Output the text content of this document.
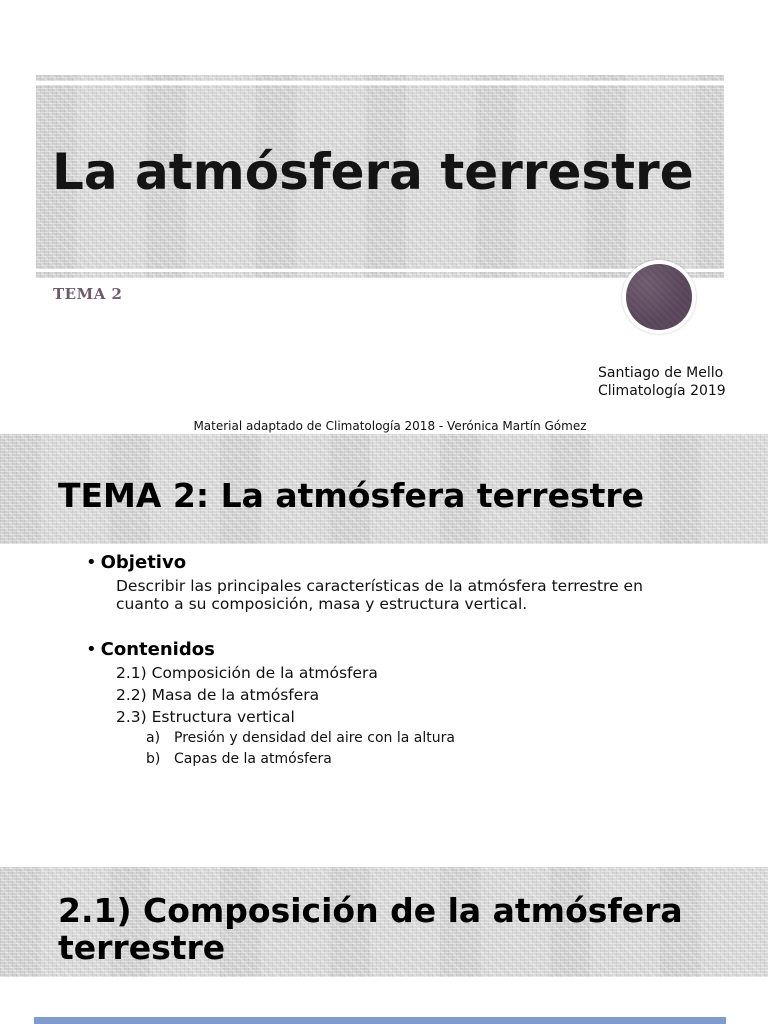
La atmósfera terrestre
TEMA 2
Santiago de Mello
Climatología 2019
Material adaptado de Climatología 2018 - Verónica Martín Gómez
TEMA 2: La atmósfera terrestre
• Objetivo
Describir las principales características de la atmósfera terrestre en
cuanto a su composición, masa y estructura vertical.
• Contenidos
2.1) Composición de la atmósfera
2.2) Masa de la atmósfera
2.3) Estructura vertical
a) Presión y densidad del aire con la altura
b) Capas de la atmósfera
2.1) Composición de la atmósfera
terrestre
